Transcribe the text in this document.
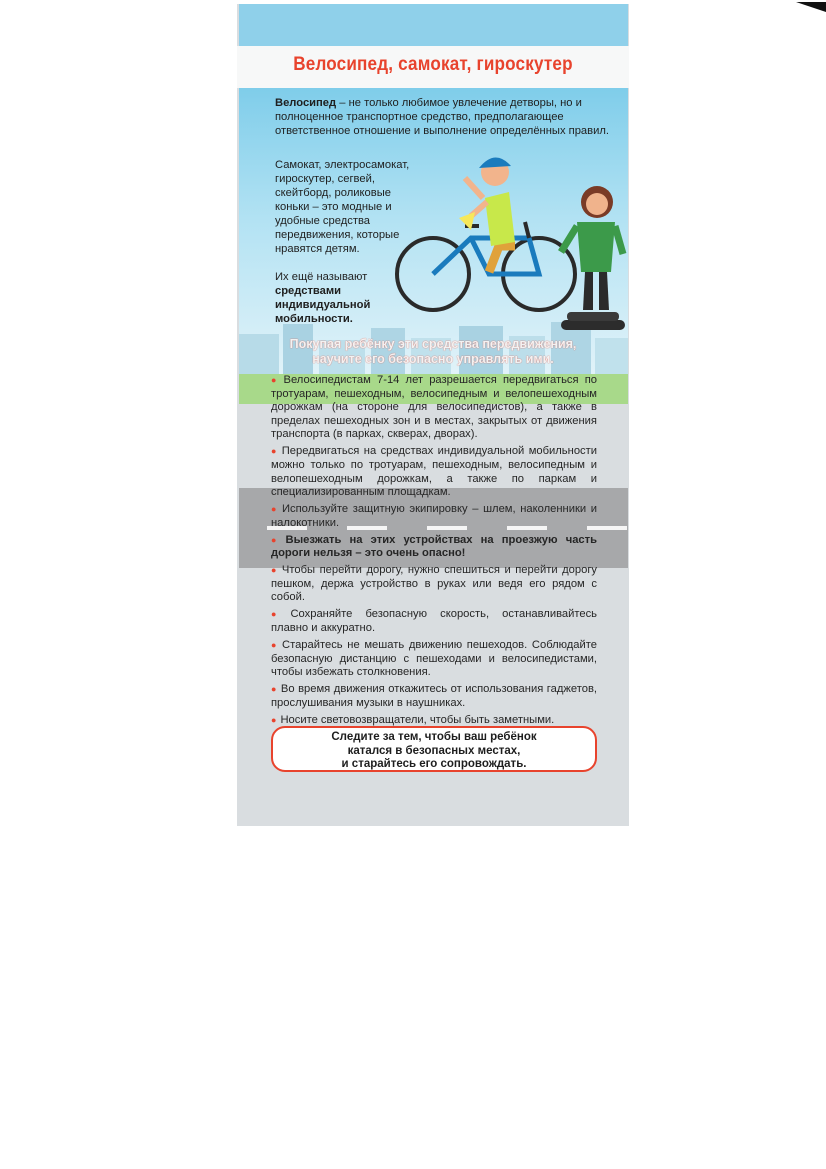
Велосипед, самокат, гироскутер
Велосипед – не только любимое увлечение детворы, но и полноценное транспортное средство, предполагающее ответственное отношение и выполнение определённых правил.
Самокат, электросамокат, гироскутер, сегвей, скейтборд, роликовые коньки – это модные и удобные средства передвижения, которые нравятся детям.
Их ещё называют средствами индивидуальной мобильности.
Покупая ребёнку эти средства передвижения,
научите его безопасно управлять ими.
● Велосипедистам 7-14 лет разрешается передвигаться по тротуарам, пешеходным, велосипедным и велопешеходным дорожкам (на стороне для велосипедистов), а также в пределах пешеходных зон и в местах, закрытых от движения транспорта (в парках, скверах, дворах).
● Передвигаться на средствах индивидуальной мобильности можно только по тротуарам, пешеходным, велосипедным и велопешеходным дорожкам, а также по паркам и специализированным площадкам.
● Используйте защитную экипировку – шлем, наколенники и налокотники.
● Выезжать на этих устройствах на проезжую часть дороги нельзя – это очень опасно!
● Чтобы перейти дорогу, нужно спешиться и перейти дорогу пешком, держа устройство в руках или ведя его рядом с собой.
● Сохраняйте безопасную скорость, останавливайтесь плавно и аккуратно.
● Старайтесь не мешать движению пешеходов. Соблюдайте безопасную дистанцию с пешеходами и велосипедистами, чтобы избежать столкновения.
● Во время движения откажитесь от использования гаджетов, прослушивания музыки в наушниках.
● Носите световозвращатели, чтобы быть заметными.
Следите за тем, чтобы ваш ребёнок
катался в безопасных местах,
и старайтесь его сопровождать.
